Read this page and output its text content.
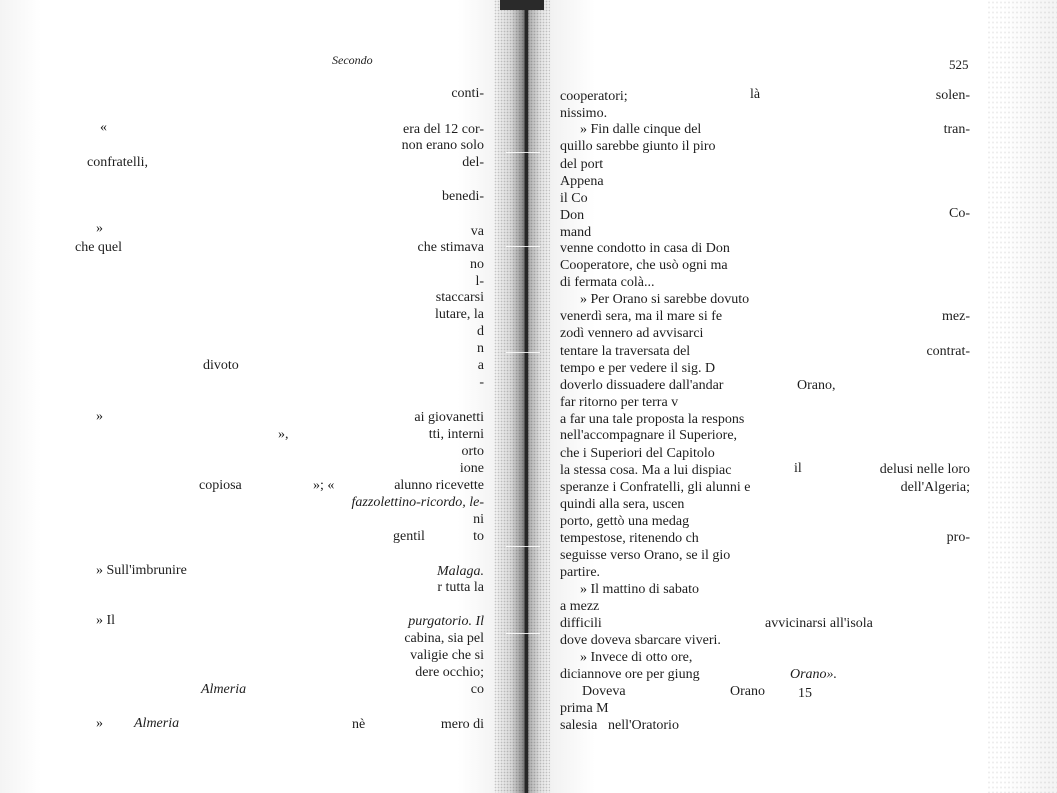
Secondo	525
conti-
«	era del 12 cor-
non erano solo
confratelli,	del-
benedi-
»	va
che quel	che stimava
no
l-
staccarsi
lutare, la
d
n
divoto	a
-
»	ai giovanetti
»,	tti, interni
orto
ione
copiosa	»; «	alunno ricevette
fazzolettino-ricordo, le-
ni
gentil	to
» Sull'imbrunire	Malaga.
r tutta la
» Il	purgatorio. Il
cabina, sia pel
valigie che si
dere occhio;
Almeria	co
» Almeria	nè	mero di
cooperatori;	là	solen-
nissimo.
» Fin dalle cinque del	tran-
quillo sarebbe giunto il piro
del port
Appena
il Co
Don	Co-
mand
venne condotto in casa di Don
Cooperatore, che usò ogni ma
di fermata colà...
» Per Orano si sarebbe dovuto
venerdì sera, ma il mare si fe	mez-
zodì vennero ad avvisarci
tentare la traversata del	contrat-
tempo e per vedere il sig. D
doverlo dissuadere dall'andar	Orano,
far ritorno per terra v
a far una tale proposta la respons
nell'accompagnare il Superiore,
che i Superiori del Capitolo
la stessa cosa. Ma a lui dispiac	il	delusi nelle loro
speranze i Confratelli, gli alunni e	dell'Algeria;
quindi alla sera, uscen
porto, gettò una medag
tempestose, ritenendo ch	pro-
seguisse verso Orano, se il gio
partire.
» Il mattino di sabato
a mezz
difficili	avvicinarsi all'isola
dove doveva sbarcare viveri.
» Invece di otto ore,
diciannove ore per giung	Orano».
Doveva	Orano 15
prima M
salesia nell'Oratorio
